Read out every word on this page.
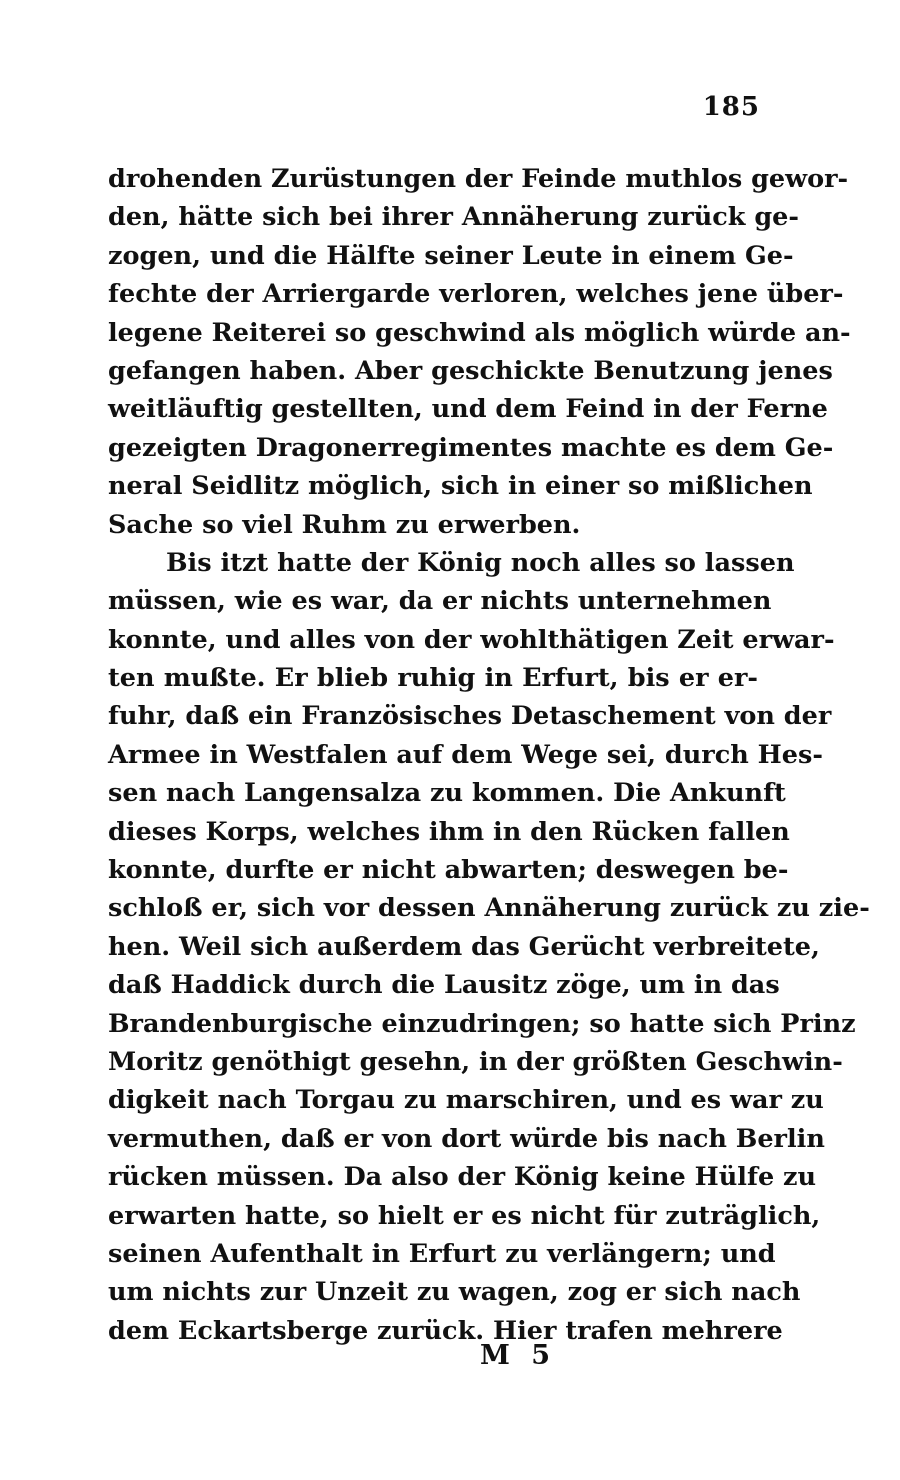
185
drohenden Zurüstungen der Feinde muthlos gewor-
den, hätte sich bei ihrer Annäherung zurück ge-
zogen, und die Hälfte seiner Leute in einem Ge-
fechte der Arriergarde verloren, welches jene über-
legene Reiterei so geschwind als möglich würde an-
gefangen haben. Aber geschickte Benutzung jenes
weitläuftig gestellten, und dem Feind in der Ferne
gezeigten Dragonerregimentes machte es dem Ge-
neral Seidlitz möglich, sich in einer so mißlichen
Sache so viel Ruhm zu erwerben.
Bis itzt hatte der König noch alles so lassen
müssen, wie es war, da er nichts unternehmen
konnte, und alles von der wohlthätigen Zeit erwar-
ten mußte. Er blieb ruhig in Erfurt, bis er er-
fuhr, daß ein Französisches Detaschement von der
Armee in Westfalen auf dem Wege sei, durch Hes-
sen nach Langensalza zu kommen. Die Ankunft
dieses Korps, welches ihm in den Rücken fallen
konnte, durfte er nicht abwarten; deswegen be-
schloß er, sich vor dessen Annäherung zurück zu zie-
hen. Weil sich außerdem das Gerücht verbreitete,
daß Haddick durch die Lausitz zöge, um in das
Brandenburgische einzudringen; so hatte sich Prinz
Moritz genöthigt gesehn, in der größten Geschwin-
digkeit nach Torgau zu marschiren, und es war zu
vermuthen, daß er von dort würde bis nach Berlin
rücken müssen. Da also der König keine Hülfe zu
erwarten hatte, so hielt er es nicht für zuträglich,
seinen Aufenthalt in Erfurt zu verlängern; und
um nichts zur Unzeit zu wagen, zog er sich nach
dem Eckartsberge zurück. Hier trafen mehrere
M 5
